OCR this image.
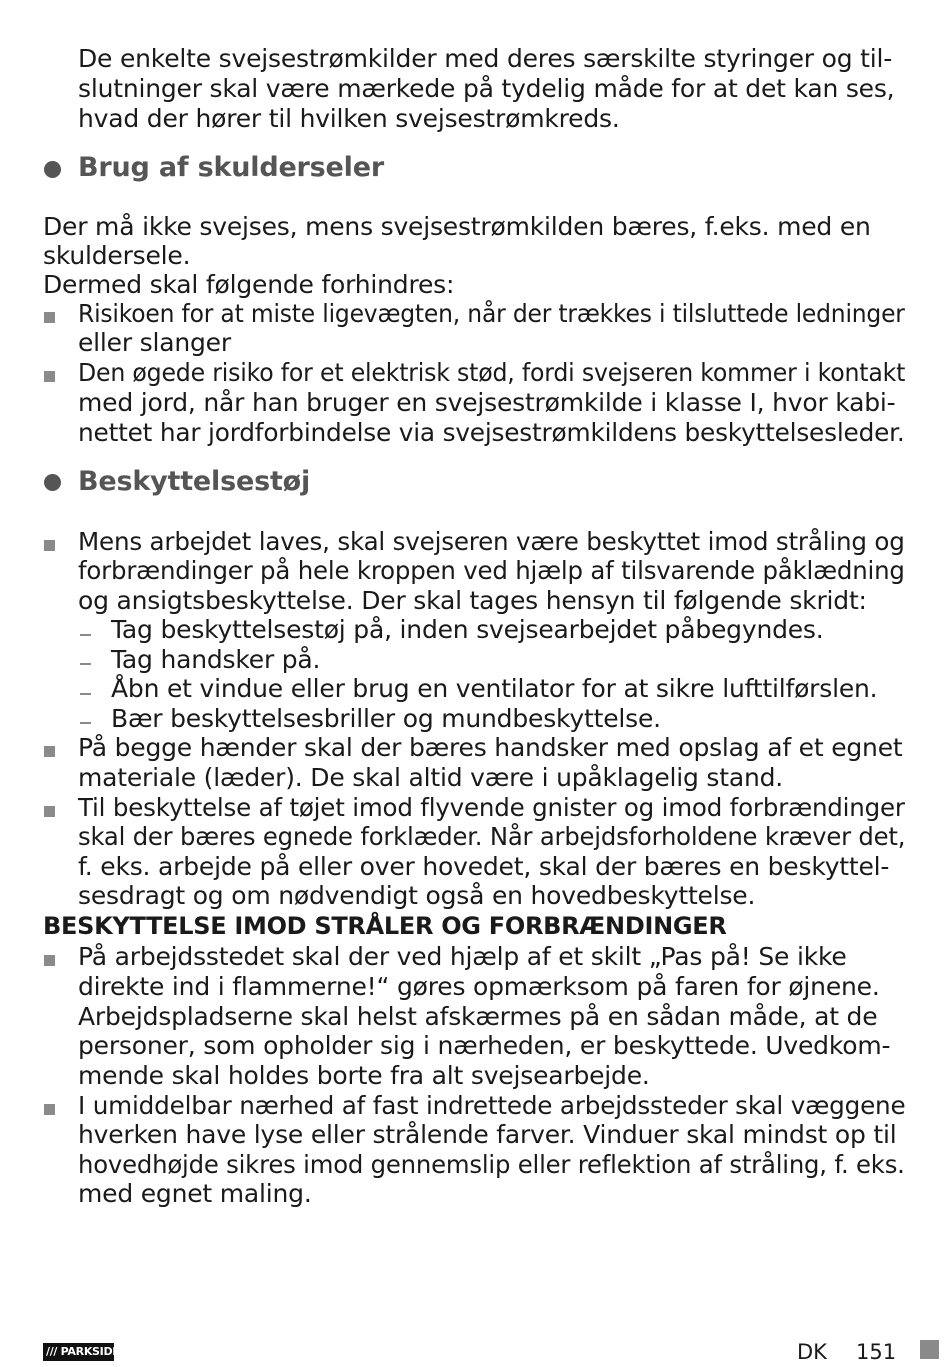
De enkelte svejsestrømkilder med deres særskilte styringer og til-
slutninger skal være mærkede på tydelig måde for at det kan ses,
hvad der hører til hvilken svejsestrømkreds.
Brug af skulderseler
Der må ikke svejses, mens svejsestrømkilden bæres, f.eks. med en
skuldersele.
Dermed skal følgende forhindres:
Risikoen for at miste ligevægten, når der trækkes i tilsluttede ledninger
eller slanger
Den øgede risiko for et elektrisk stød, fordi svejseren kommer i kontakt
med jord, når han bruger en svejsestrømkilde i klasse I, hvor kabi-
nettet har jordforbindelse via svejsestrømkildens beskyttelsesleder.
Beskyttelsestøj
Mens arbejdet laves, skal svejseren være beskyttet imod stråling og
forbrændinger på hele kroppen ved hjælp af tilsvarende påklædning
og ansigtsbeskyttelse. Der skal tages hensyn til følgende skridt:
Tag beskyttelsestøj på, inden svejsearbejdet påbegyndes.
Tag handsker på.
Åbn et vindue eller brug en ventilator for at sikre lufttilførslen.
Bær beskyttelsesbriller og mundbeskyttelse.
På begge hænder skal der bæres handsker med opslag af et egnet
materiale (læder). De skal altid være i upåklagelig stand.
Til beskyttelse af tøjet imod flyvende gnister og imod forbrændinger
skal der bæres egnede forklæder. Når arbejdsforholdene kræver det,
f. eks. arbejde på eller over hovedet, skal der bæres en beskyttel-
sesdragt og om nødvendigt også en hovedbeskyttelse.
BESKYTTELSE IMOD STRÅLER OG FORBRÆNDINGER
På arbejdsstedet skal der ved hjælp af et skilt „Pas på! Se ikke
direkte ind i flammerne!“ gøres opmærksom på faren for øjnene.
Arbejdspladserne skal helst afskærmes på en sådan måde, at de
personer, som opholder sig i nærheden, er beskyttede. Uvedkom-
mende skal holdes borte fra alt svejsearbejde.
I umiddelbar nærhed af fast indrettede arbejdssteder skal væggene
hverken have lyse eller strålende farver. Vinduer skal mindst op til
hovedhøjde sikres imod gennemslip eller reflektion af stråling, f. eks.
med egnet maling.
/// PARKSIDE	DK 151
